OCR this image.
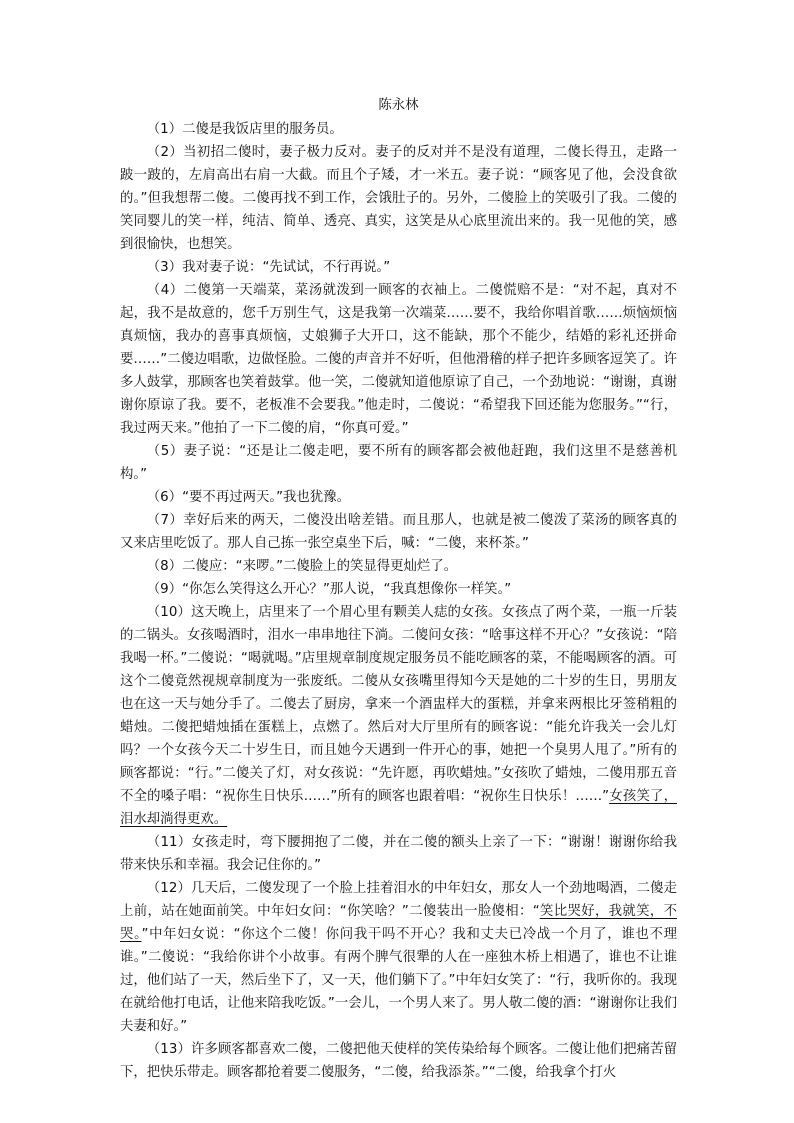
陈永林

（1）二傻是我饭店里的服务员。

（2）当初招二傻时，妻子极力反对。妻子的反对并不是没有道理，二傻长得丑，走路一跛一跛的，左肩高出右肩一大截。而且个子矮，才一米五。妻子说：“顾客见了他，会没食欲的。”但我想帮二傻。二傻再找不到工作，会饿肚子的。另外，二傻脸上的笑吸引了我。二傻的笑同婴儿的笑一样，纯洁、简单、透亮、真实，这笑是从心底里流出来的。我一见他的笑，感到很愉快，也想笑。

（3）我对妻子说：“先试试，不行再说。”

（4）二傻第一天端菜，菜汤就泼到一顾客的衣袖上。二傻慌赔不是：“对不起，真对不起，我不是故意的，您千万别生气，这是我第一次端菜……要不，我给你唱首歌……烦恼烦恼真烦恼，我办的喜事真烦恼，丈娘狮子大开口，这不能缺，那个不能少，结婚的彩礼还拼命要……”二傻边唱歌，边做怪脸。二傻的声音并不好听，但他滑稽的样子把许多顾客逗笑了。许多人鼓掌，那顾客也笑着鼓掌。他一笑，二傻就知道他原谅了自己，一个劲地说：“谢谢，真谢谢你原谅了我。要不，老板准不会要我。”他走时，二傻说：“希望我下回还能为您服务。”“行，我过两天来。”他拍了一下二傻的肩，“你真可爱。”

（5）妻子说：“还是让二傻走吧，要不所有的顾客都会被他赶跑，我们这里不是慈善机构。”

（6）“要不再过两天。”我也犹豫。

（7）幸好后来的两天，二傻没出啥差错。而且那人，也就是被二傻泼了菜汤的顾客真的又来店里吃饭了。那人自己拣一张空桌坐下后，喊：“二傻，来杯茶。”

（8）二傻应：“来啰。”二傻脸上的笑显得更灿烂了。

（9）“你怎么笑得这么开心？”那人说，“我真想像你一样笑。”

（10）这天晚上，店里来了一个眉心里有颗美人痣的女孩。女孩点了两个菜，一瓶一斤装的二锅头。女孩喝酒时，泪水一串串地往下淌。二傻问女孩：“啥事这样不开心？”女孩说：“陪我喝一杯。”二傻说：“喝就喝。”店里规章制度规定服务员不能吃顾客的菜，不能喝顾客的酒。可这个二傻竟然视规章制度为一张废纸。二傻从女孩嘴里得知今天是她的二十岁的生日，男朋友也在这一天与她分手了。二傻去了厨房，拿来一个酒盅样大的蛋糕，并拿来两根比牙签稍粗的蜡烛。二傻把蜡烛插在蛋糕上，点燃了。然后对大厅里所有的顾客说：“能允许我关一会儿灯吗？一个女孩今天二十岁生日，而且她今天遇到一件开心的事，她把一个臭男人甩了。”所有的顾客都说：“行。”二傻关了灯，对女孩说：“先许愿，再吹蜡烛。”女孩吹了蜡烛，二傻用那五音不全的嗓子唱：“祝你生日快乐……”所有的顾客也跟着唱：“祝你生日快乐！……”女孩笑了，泪水却淌得更欢。

（11）女孩走时，弯下腰拥抱了二傻，并在二傻的额头上亲了一下：“谢谢！谢谢你给我带来快乐和幸福。我会记住你的。”

（12）几天后，二傻发现了一个脸上挂着泪水的中年妇女，那女人一个劲地喝酒，二傻走上前，站在她面前笑。中年妇女问：“你笑啥？”二傻装出一脸傻相：“笑比哭好，我就笑，不哭。”中年妇女说：“你这个二傻！你问我干吗不开心？我和丈夫已冷战一个月了，谁也不理谁。”二傻说：“我给你讲个小故事。有两个脾气很犟的人在一座独木桥上相遇了，谁也不让谁过，他们站了一天，然后坐下了，又一天，他们躺下了。”中年妇女笑了：“行，我听你的。我现在就给他打电话，让他来陪我吃饭。”一会儿，一个男人来了。男人敬二傻的酒：“谢谢你让我们夫妻和好。”

（13）许多顾客都喜欢二傻，二傻把他天使样的笑传染给每个顾客。二傻让他们把痛苦留下，把快乐带走。顾客都抢着要二傻服务，“二傻，给我添茶。”“二傻，给我拿个打火
